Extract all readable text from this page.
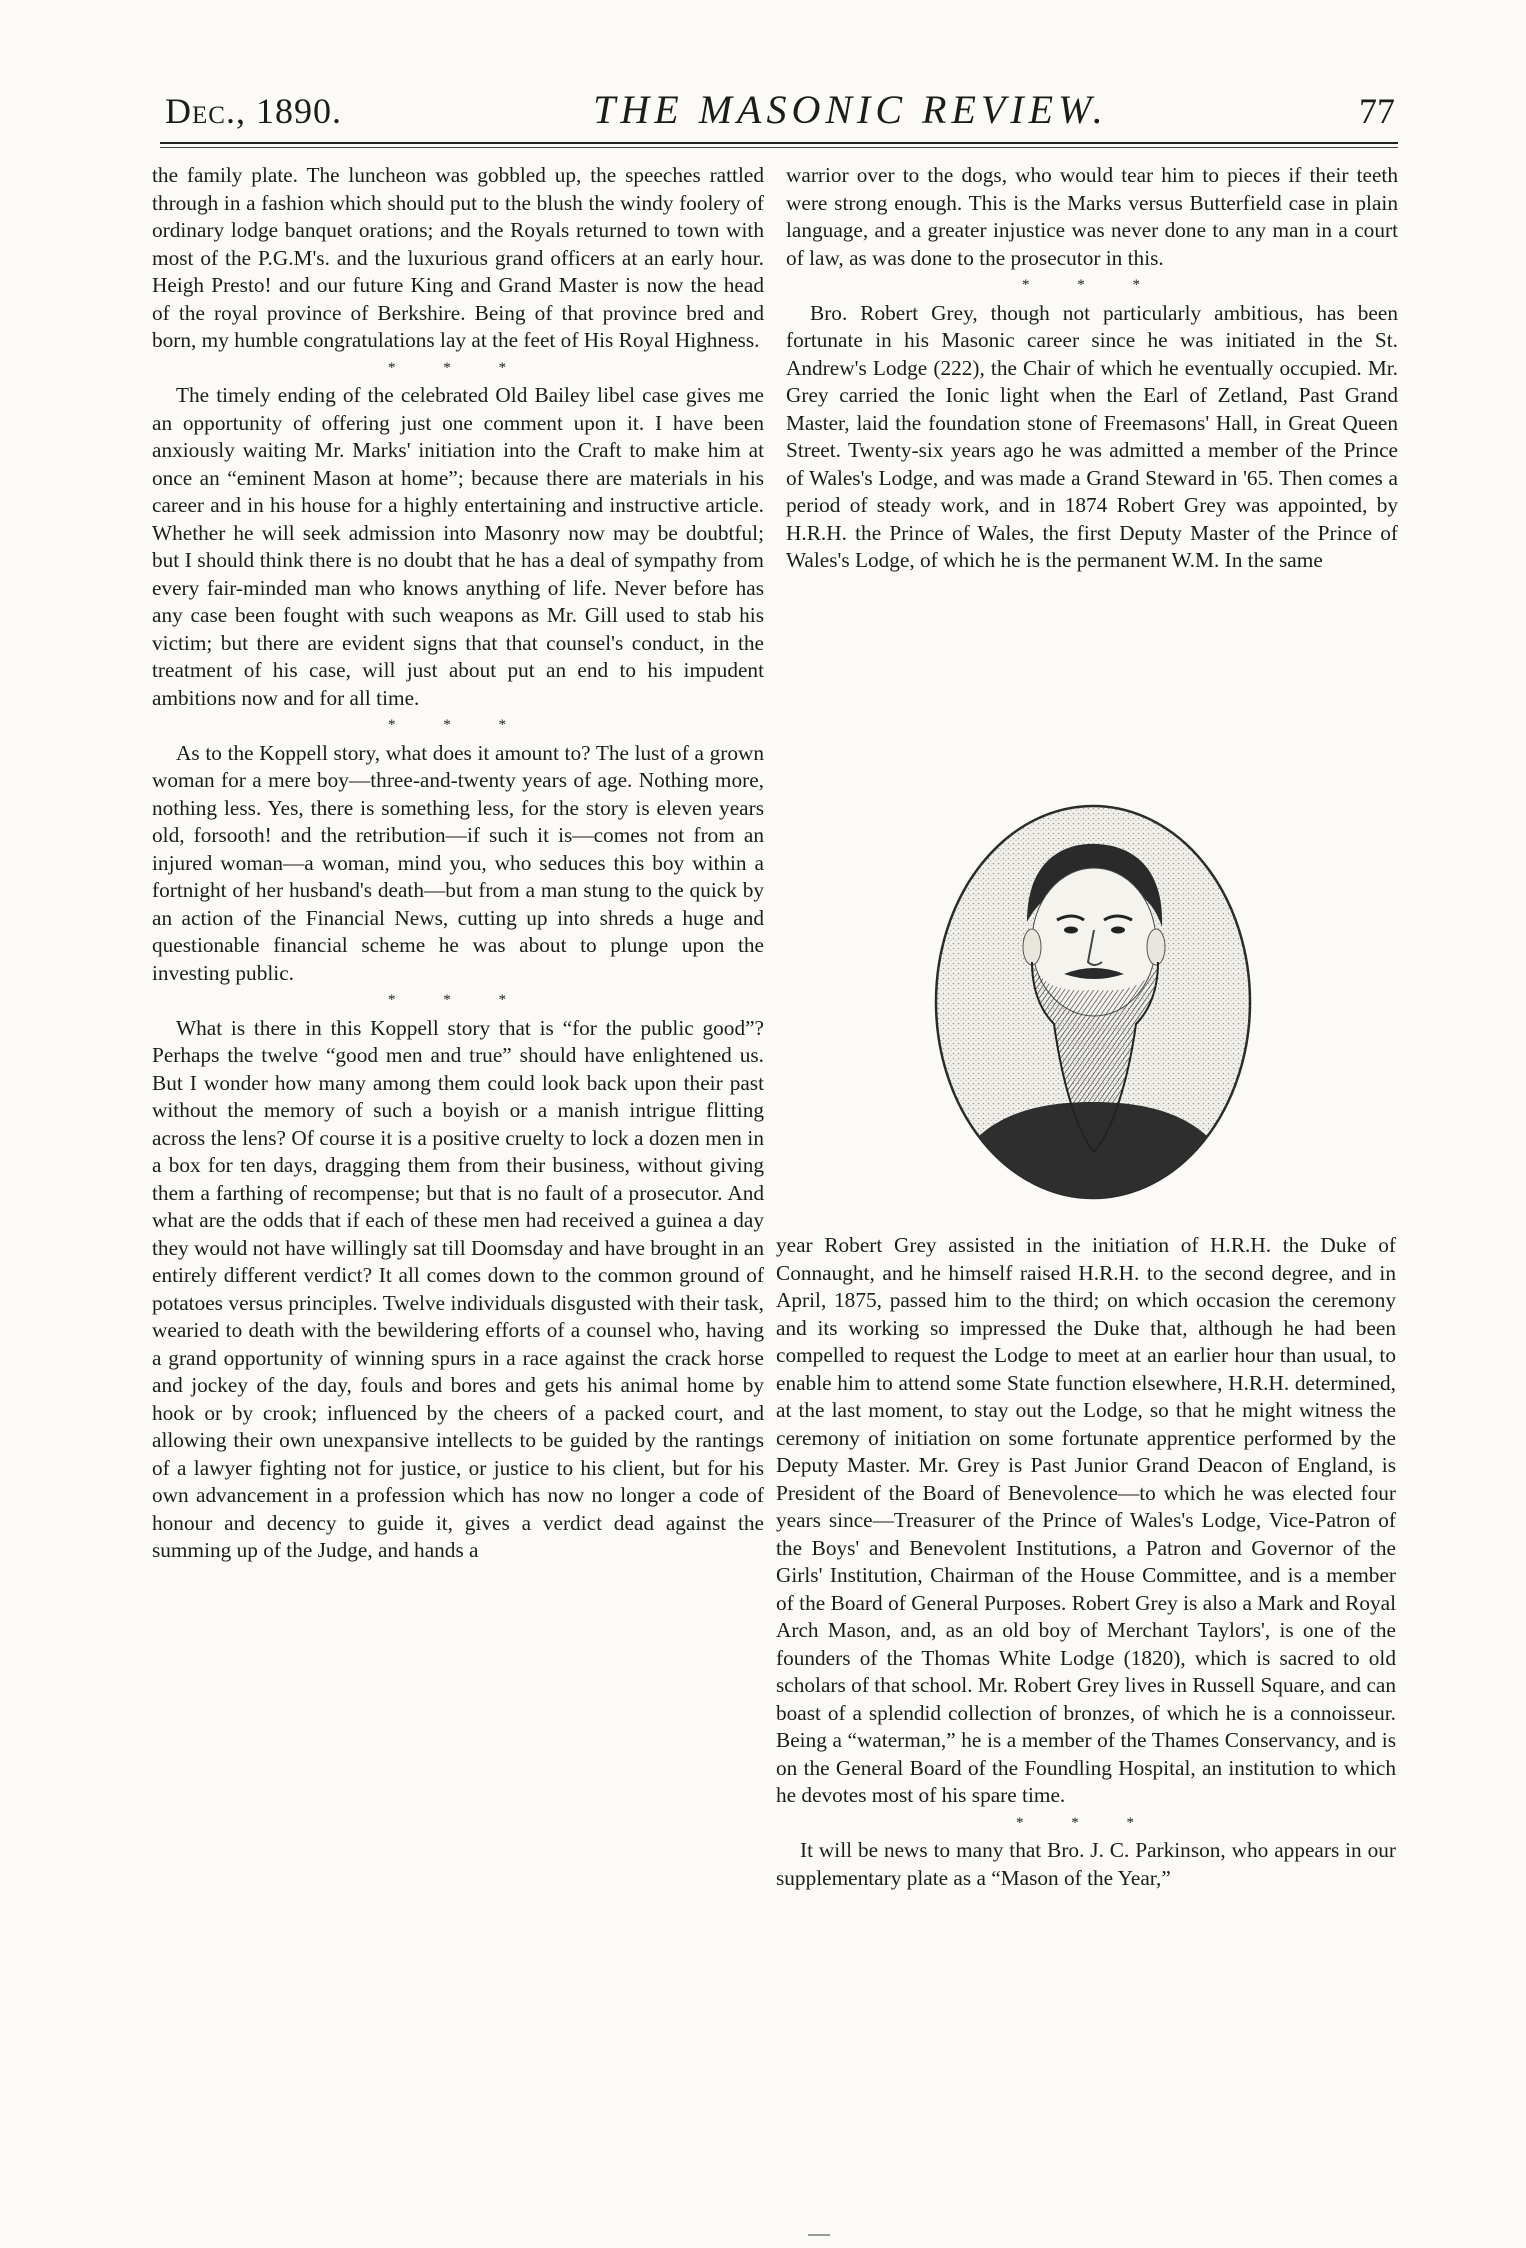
Dec., 1890.	THE MASONIC REVIEW.	77

the family plate. The luncheon was gobbled up, the speeches rattled through in a fashion which should put to the blush the windy foolery of ordinary lodge banquet orations; and the Royals returned to town with most of the P.G.M's. and the luxurious grand officers at an early hour. Heigh Presto! and our future King and Grand Master is now the head of the royal province of Berkshire. Being of that province bred and born, my humble congratulations lay at the feet of His Royal Highness.

* * *

The timely ending of the celebrated Old Bailey libel case gives me an opportunity of offering just one comment upon it. I have been anxiously waiting Mr. Marks' initiation into the Craft to make him at once an “eminent Mason at home”; because there are materials in his career and in his house for a highly entertaining and instructive article. Whether he will seek admission into Masonry now may be doubtful; but I should think there is no doubt that he has a deal of sympathy from every fair-minded man who knows anything of life. Never before has any case been fought with such weapons as Mr. Gill used to stab his victim; but there are evident signs that that counsel's conduct, in the treatment of his case, will just about put an end to his impudent ambitions now and for all time.

* * *

As to the Koppell story, what does it amount to? The lust of a grown woman for a mere boy—three-and-twenty years of age. Nothing more, nothing less. Yes, there is something less, for the story is eleven years old, forsooth! and the retribution—if such it is—comes not from an injured woman—a woman, mind you, who seduces this boy within a fortnight of her husband's death—but from a man stung to the quick by an action of the Financial News, cutting up into shreds a huge and questionable financial scheme he was about to plunge upon the investing public.

* * *

What is there in this Koppell story that is “for the public good”? Perhaps the twelve “good men and true” should have enlightened us. But I wonder how many among them could look back upon their past without the memory of such a boyish or a manish intrigue flitting across the lens? Of course it is a positive cruelty to lock a dozen men in a box for ten days, dragging them from their business, without giving them a farthing of recompense; but that is no fault of a prosecutor. And what are the odds that if each of these men had received a guinea a day they would not have willingly sat till Doomsday and have brought in an entirely different verdict? It all comes down to the common ground of potatoes versus principles. Twelve individuals disgusted with their task, wearied to death with the bewildering efforts of a counsel who, having a grand opportunity of winning spurs in a race against the crack horse and jockey of the day, fouls and bores and gets his animal home by hook or by crook; influenced by the cheers of a packed court, and allowing their own unexpansive intellects to be guided by the rantings of a lawyer fighting not for justice, or justice to his client, but for his own advancement in a profession which has now no longer a code of honour and decency to guide it, gives a verdict dead against the summing up of the Judge, and hands a

warrior over to the dogs, who would tear him to pieces if their teeth were strong enough. This is the Marks versus Butterfield case in plain language, and a greater injustice was never done to any man in a court of law, as was done to the prosecutor in this.

* * *

Bro. Robert Grey, though not particularly ambitious, has been fortunate in his Masonic career since he was initiated in the St. Andrew's Lodge (222), the Chair of which he eventually occupied. Mr. Grey carried the Ionic light when the Earl of Zetland, Past Grand Master, laid the foundation stone of Freemasons' Hall, in Great Queen Street. Twenty-six years ago he was admitted a member of the Prince of Wales's Lodge, and was made a Grand Steward in '65. Then comes a period of steady work, and in 1874 Robert Grey was appointed, by H.R.H. the Prince of Wales, the first Deputy Master of the Prince of Wales's Lodge, of which he is the permanent W.M. In the same

year Robert Grey assisted in the initiation of H.R.H. the Duke of Connaught, and he himself raised H.R.H. to the second degree, and in April, 1875, passed him to the third; on which occasion the ceremony and its working so impressed the Duke that, although he had been compelled to request the Lodge to meet at an earlier hour than usual, to enable him to attend some State function elsewhere, H.R.H. determined, at the last moment, to stay out the Lodge, so that he might witness the ceremony of initiation on some fortunate apprentice performed by the Deputy Master. Mr. Grey is Past Junior Grand Deacon of England, is President of the Board of Benevolence—to which he was elected four years since—Treasurer of the Prince of Wales's Lodge, Vice-Patron of the Boys' and Benevolent Institutions, a Patron and Governor of the Girls' Institution, Chairman of the House Committee, and is a member of the Board of General Purposes. Robert Grey is also a Mark and Royal Arch Mason, and, as an old boy of Merchant Taylors', is one of the founders of the Thomas White Lodge (1820), which is sacred to old scholars of that school. Mr. Robert Grey lives in Russell Square, and can boast of a splendid collection of bronzes, of which he is a connoisseur. Being a “waterman,” he is a member of the Thames Conservancy, and is on the General Board of the Foundling Hospital, an institution to which he devotes most of his spare time.

* * *

It will be news to many that Bro. J. C. Parkinson, who appears in our supplementary plate as a “Mason of the Year,”
